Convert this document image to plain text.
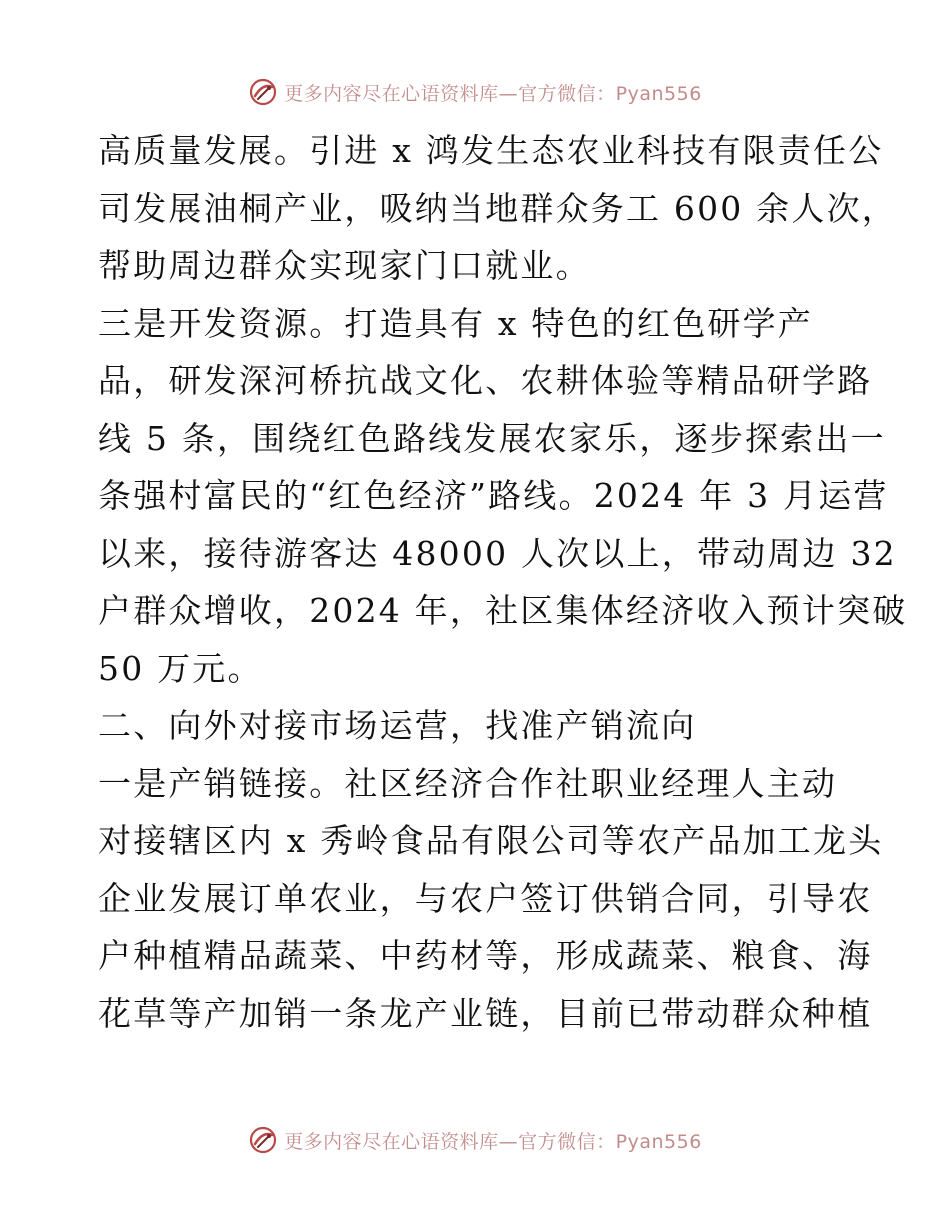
更多内容尽在心语资料库—官方微信：Pyan556
高质量发展。引进 x 鸿发生态农业科技有限责任公
司发展油桐产业，吸纳当地群众务工 600 余人次，
帮助周边群众实现家门口就业。
三是开发资源。打造具有 x 特色的红色研学产
品，研发深河桥抗战文化、农耕体验等精品研学路
线 5 条，围绕红色路线发展农家乐，逐步探索出一
条强村富民的“红色经济”路线。2024 年 3 月运营
以来，接待游客达 48000 人次以上，带动周边 32
户群众增收，2024 年，社区集体经济收入预计突破
50 万元。
二、向外对接市场运营，找准产销流向
一是产销链接。社区经济合作社职业经理人主动
对接辖区内 x 秀岭食品有限公司等农产品加工龙头
企业发展订单农业，与农户签订供销合同，引导农
户种植精品蔬菜、中药材等，形成蔬菜、粮食、海
花草等产加销一条龙产业链，目前已带动群众种植
更多内容尽在心语资料库—官方微信：Pyan556
